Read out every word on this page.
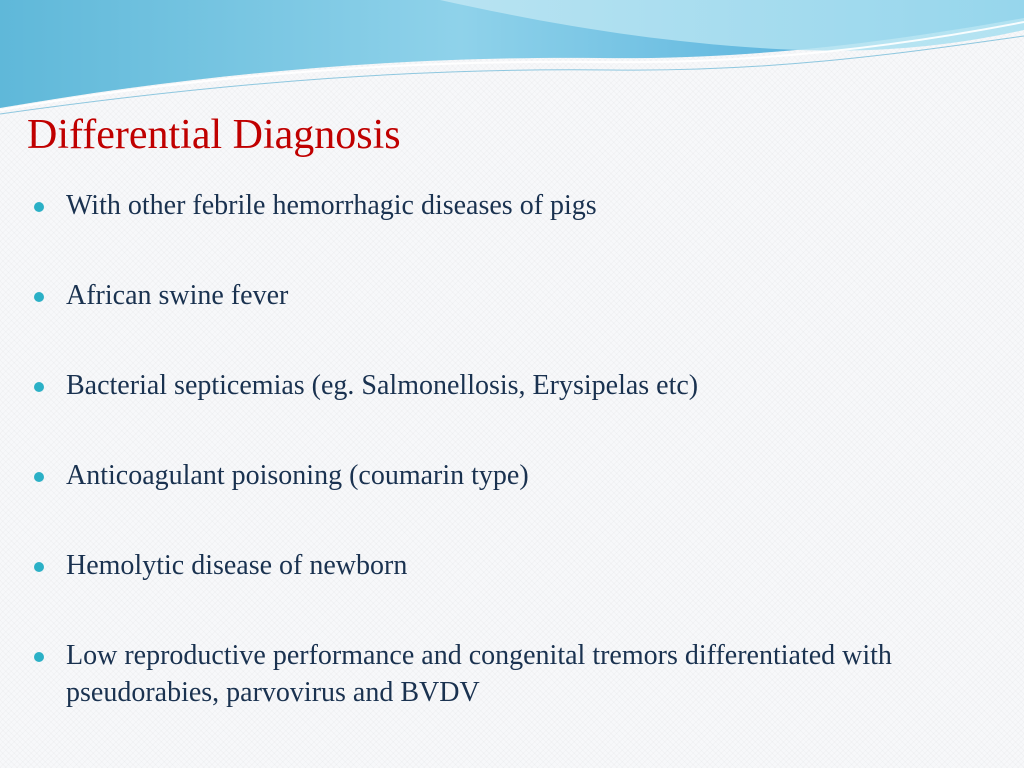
Differential Diagnosis
With other febrile hemorrhagic diseases of pigs
African swine fever
Bacterial septicemias (eg. Salmonellosis, Erysipelas etc)
Anticoagulant poisoning (coumarin type)
Hemolytic disease of newborn
Low reproductive performance and congenital tremors differentiated with pseudorabies, parvovirus and BVDV
